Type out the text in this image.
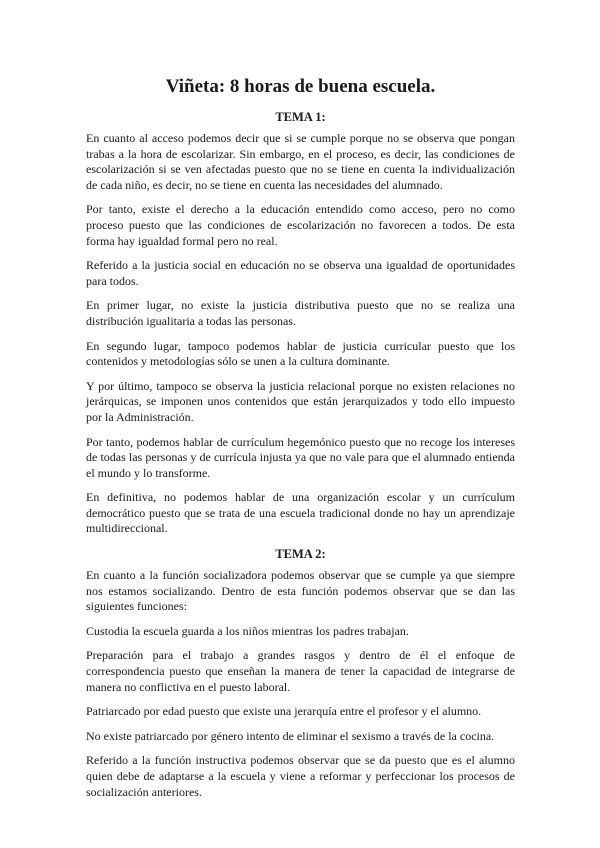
Viñeta: 8 horas de buena escuela.
TEMA 1:

En cuanto al acceso podemos decir que si se cumple porque no se observa que pongan trabas a la hora de escolarizar. Sin embargo, en el proceso, es decir, las condiciones de escolarización si se ven afectadas puesto que no se tiene en cuenta la individualización de cada niño, es decir, no se tiene en cuenta las necesidades del alumnado.

Por tanto, existe el derecho a la educación entendido como acceso, pero no como proceso puesto que las condiciones de escolarización no favorecen a todos. De esta forma hay igualdad formal pero no real.

Referido a la justicia social en educación no se observa una igualdad de oportunidades para todos.

En primer lugar, no existe la justicia distributiva puesto que no se realiza una distribución igualitaria a todas las personas.

En segundo lugar, tampoco podemos hablar de justicia curricular puesto que los contenidos y metodologías sólo se unen a la cultura dominante.

Y por último, tampoco se observa la justicia relacional porque no existen relaciones no jerárquicas, se imponen unos contenidos que están jerarquizados y todo ello impuesto por la Administración.

Por tanto, podemos hablar de currículum hegemónico puesto que no recoge los intereses de todas las personas y de currícula injusta ya que no vale para que el alumnado entienda el mundo y lo transforme.

En definitiva, no podemos hablar de una organización escolar y un currículum democrático puesto que se trata de una escuela tradicional donde no hay un aprendizaje multidireccional.

TEMA 2:

En cuanto a la función socializadora podemos observar que se cumple ya que siempre nos estamos socializando. Dentro de esta función podemos observar que se dan las siguientes funciones:

Custodia la escuela guarda a los niños mientras los padres trabajan.

Preparación para el trabajo a grandes rasgos y dentro de él el enfoque de correspondencia puesto que enseñan la manera de tener la capacidad de integrarse de manera no conflictiva en el puesto laboral.

Patriarcado por edad puesto que existe una jerarquía entre el profesor y el alumno.

No existe patriarcado por género intento de eliminar el sexismo a través de la cocina.

Referido a la función instructiva podemos observar que se da puesto que es el alumno quien debe de adaptarse a la escuela y viene a reformar y perfeccionar los procesos de socialización anteriores.
